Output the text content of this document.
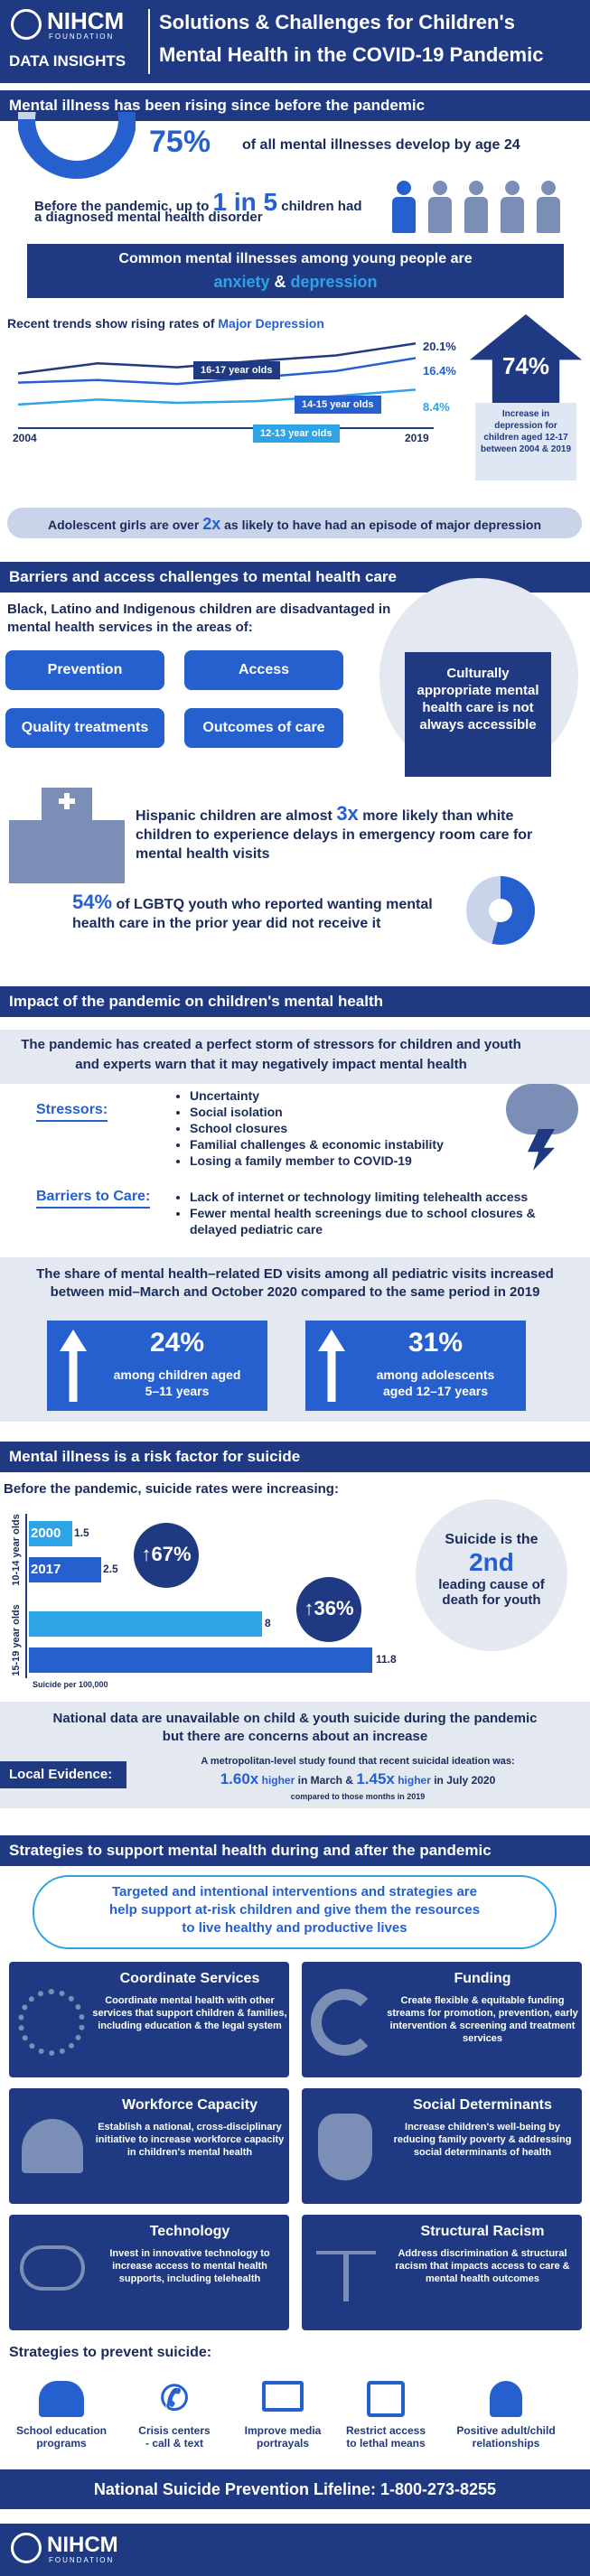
NIHCM
FOUNDATION
DATA INSIGHTS
Solutions & Challenges for Children's
Mental Health in the COVID-19 Pandemic
Mental illness has been rising since before the pandemic
75% of all mental illnesses develop by age 24
Before the pandemic, up to 1 in 5 children had
a diagnosed mental health disorder
Common mental illnesses among young people are
anxiety & depression
Recent trends show rising rates of Major Depression
2004	2019
20.1%
16.4%
8.4%
16-17 year olds
14-15 year olds
12-13 year olds
74%
Increase in depression for children aged 12-17 between 2004 & 2019
Adolescent girls are over 2x as likely to have had an episode of major depression
Barriers and access challenges to mental health care
Black, Latino and Indigenous children are disadvantaged in
mental health services in the areas of:
Prevention	Access
Quality treatments	Outcomes of care
Culturally appropriate mental health care is not always accessible
Hispanic children are almost 3x more likely than white
children to experience delays in emergency room care for
mental health visits
54% of LGBTQ youth who reported wanting mental
health care in the prior year did not receive it
Impact of the pandemic on children's mental health
The pandemic has created a perfect storm of stressors for children and youth
and experts warn that it may negatively impact mental health
Stressors:
• Uncertainty
• Social isolation
• School closures
• Familial challenges & economic instability
• Losing a family member to COVID-19
Barriers to Care:
•	Lack of internet or technology limiting telehealth access
• Fewer mental health screenings due to school closures &
delayed pediatric care
The share of mental health–related ED visits among all pediatric visits increased
between mid–March and October 2020 compared to the same period in 2019
24%
among children aged
5–11 years
31%
among adolescents
aged 12–17 years
Mental illness is a risk factor for suicide
Before the pandemic, suicide rates were increasing:
10-14 year olds
15-19 year olds
2000	1.5
2017	2.5
8
11.8
Suicide per 100,000
↑67%
↑36%
Suicide is the
2nd
leading cause of
death for youth
National data are unavailable on child & youth suicide during the pandemic
but there are concerns about an increase
Local Evidence:
A metropolitan-level study found that recent suicidal ideation was:
1.60x higher in March & 1.45x higher in July 2020
compared to those months in 2019
Strategies to support mental health during and after the pandemic
Targeted and intentional interventions and strategies are
help support at-risk children and give them the resources
to live healthy and productive lives
Coordinate Services

Coordinate mental health with other services that support children & families, including education & the legal system

Funding

Create flexible & equitable funding streams for promotion, prevention, early intervention & screening and treatment services

Workforce Capacity

Establish a national, cross-disciplinary initiative to increase workforce capacity in children's mental health

Social Determinants

Increase children's well-being by reducing family poverty & addressing social determinants of health

Technology

Invest in innovative technology to increase access to mental health supports, including telehealth

Structural Racism

Address discrimination & structural racism that impacts access to care & mental health outcomes

Strategies to prevent suicide:
School education
programs
✆
Crisis centers
- call & text
Improve media
portrayals
Restrict access
to lethal means
Positive adult/child
relationships
National Suicide Prevention Lifeline: 1-800-273-8255
NIHCM
FOUNDATION
